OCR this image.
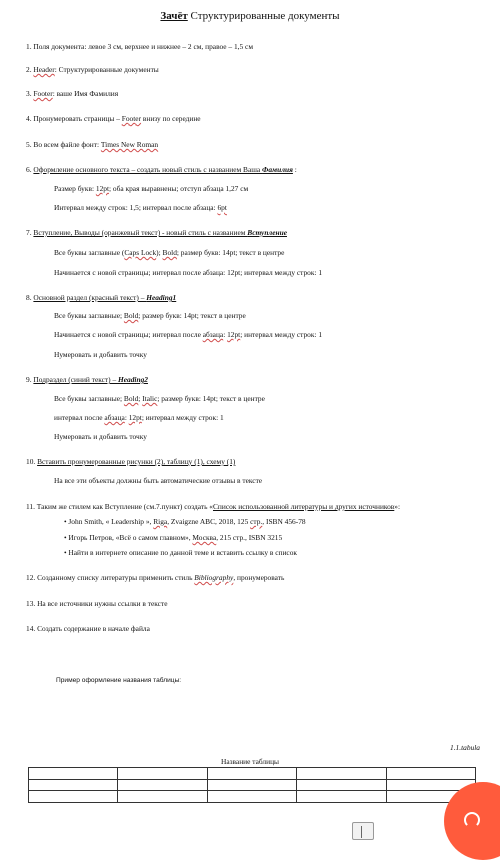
Зачёт Структурированные документы
1. Поля документа: левое 3 см, верхнее и нижнее – 2 см, правое – 1,5 см
2. Header: Структурированные документы
3. Footer: ваше Имя Фамилия
4. Пронумеровать страницы – Footer внизу по середине
5. Во всем файле фонт: Times New Roman
6. Оформление основного текста – создать новый стиль с названием Ваша Фамилия :
Размер букв: 12pt; оба края выравнены; отступ абзаца 1,27 см
Интервал между строк: 1,5; интервал после абзаца: 6pt
7. Вступление, Выводы (оранжевый текст) - новый стиль с названием Вступление
Все буквы заглавные (Caps Lock); Bold; размер букв: 14pt; текст в центре
Начинается с новой страницы; интервал после абзаца: 12pt; интервал между строк: 1
8. Основной раздел (красный текст) – Heading1
Все буквы заглавные; Bold; размер букв: 14pt; текст в центре
Начинается с новой страницы; интервал после абзаца: 12pt; интервал между строк: 1
Нумеровать и добавить точку
9. Подраздел (синий текст) – Heading2
Все буквы заглавные; Bold; Italic; размер букв: 14pt; текст в центре
интервал после абзаца: 12pt; интервал между строк: 1
Нумеровать и добавить точку
10. Вставить пронумерованные рисунки (2), таблицу (1), схему (1)
На все эти объекты должны быть автоматические отзывы в тексте
11. Таким же стилем как Вступление (см.7.пункт) создать «Список использованной литературы и других источников»:
• John Smith, « Leadership », Riga, Zvaigzne ABC, 2018, 125 стр., ISBN 456-78
• Игорь Петров, «Всё о самом главном», Москва, 215 стр., ISBN 3215
• Найти в интернете описание по данной теме и вставить ссылку в список
12. Созданному списку литературы применить стиль Bibliography, пронумеровать
13. На все источники нужны ссылки в тексте
14. Создать содержание в начале файла
Пример оформление названия таблицы:
1.1.tabula
Название таблицы
